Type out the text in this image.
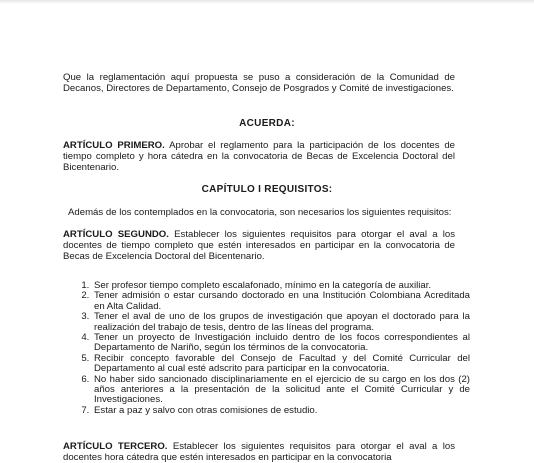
Que la reglamentación aquí propuesta se puso a consideración de la Comunidad de Decanos, Directores de Departamento, Consejo de Posgrados y Comité de investigaciones.

ACUERDA:

ARTÍCULO PRIMERO. Aprobar el reglamento para la participación de los docentes de tiempo completo y hora cátedra en la convocatoria de Becas de Excelencia Doctoral del Bicentenario.

CAPÍTULO I REQUISITOS:

Además de los contemplados en la convocatoria, son necesarios los siguientes requisitos:

ARTÍCULO SEGUNDO. Establecer los siguientes requisitos para otorgar el aval a los docentes de tiempo completo que estén interesados en participar en la convocatoria de Becas de Excelencia Doctoral del Bicentenario.

1. Ser profesor tiempo completo escalafonado, mínimo en la categoría de auxiliar.
2. Tener admisión o estar cursando doctorado en una Institución Colombiana Acreditada en Alta Calidad.
3. Tener el aval de uno de los grupos de investigación que apoyan el doctorado para la realización del trabajo de tesis, dentro de las líneas del programa.
4. Tener un proyecto de Investigación incluido dentro de los focos correspondientes al Departamento de Nariño, según los términos de la convocatoria.
5. Recibir concepto favorable del Consejo de Facultad y del Comité Curricular del Departamento al cual esté adscrito para participar en la convocatoria.
6. No haber sido sancionado disciplinariamente en el ejercicio de su cargo en los dos (2) años anteriores a la presentación de la solicitud ante el Comité Curricular y de Investigaciones.
7. Estar a paz y salvo con otras comisiones de estudio.

ARTÍCULO TERCERO. Establecer los siguientes requisitos para otorgar el aval a los docentes hora cátedra que estén interesados en participar en la convocatoria
